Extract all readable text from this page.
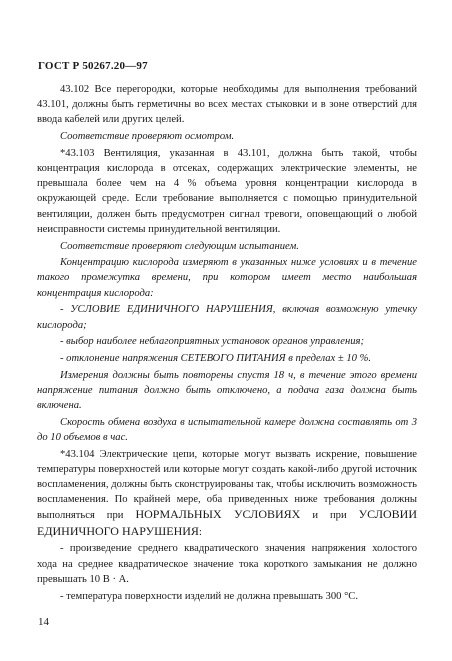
ГОСТ Р 50267.20—97

43.102 Все перегородки, которые необходимы для выполнения требований 43.101, должны быть герметичны во всех местах стыковки и в зоне отверстий для ввода кабелей или других целей.

Соответствие проверяют осмотром.

*43.103 Вентиляция, указанная в 43.101, должна быть такой, чтобы концентрация кислорода в отсеках, содержащих электрические элементы, не превышала более чем на 4 % объема уровня концентрации кислорода в окружающей среде. Если требование выполняется с помощью принудительной вентиляции, должен быть предусмотрен сигнал тревоги, оповещающий о любой неисправности системы принудительной вентиляции.

Соответствие проверяют следующим испытанием.

Концентрацию кислорода измеряют в указанных ниже условиях и в течение такого промежутка времени, при котором имеет место наибольшая концентрация кислорода:

- УСЛОВИЕ ЕДИНИЧНОГО НАРУШЕНИЯ, включая возможную утечку кислорода;

- выбор наиболее неблагоприятных установок органов управления;

- отклонение напряжения СЕТЕВОГО ПИТАНИЯ в пределах ± 10 %.

Измерения должны быть повторены спустя 18 ч, в течение этого времени напряжение питания должно быть отключено, а подача газа должна быть включена.

Скорость обмена воздуха в испытательной камере должна составлять от 3 до 10 объемов в час.

*43.104 Электрические цепи, которые могут вызвать искрение, повышение температуры поверхностей или которые могут создать какой-либо другой источник воспламенения, должны быть сконструированы так, чтобы исключить возможность воспламенения. По крайней мере, оба приведенных ниже требования должны выполняться при НОРМАЛЬНЫХ УСЛОВИЯХ и при УСЛОВИИ ЕДИНИЧНОГО НАРУШЕНИЯ:

- произведение среднего квадратического значения напряжения холостого хода на среднее квадратическое значение тока короткого замыкания не должно превышать 10 В · А.

- температура поверхности изделий не должна превышать 300 °С.

14
